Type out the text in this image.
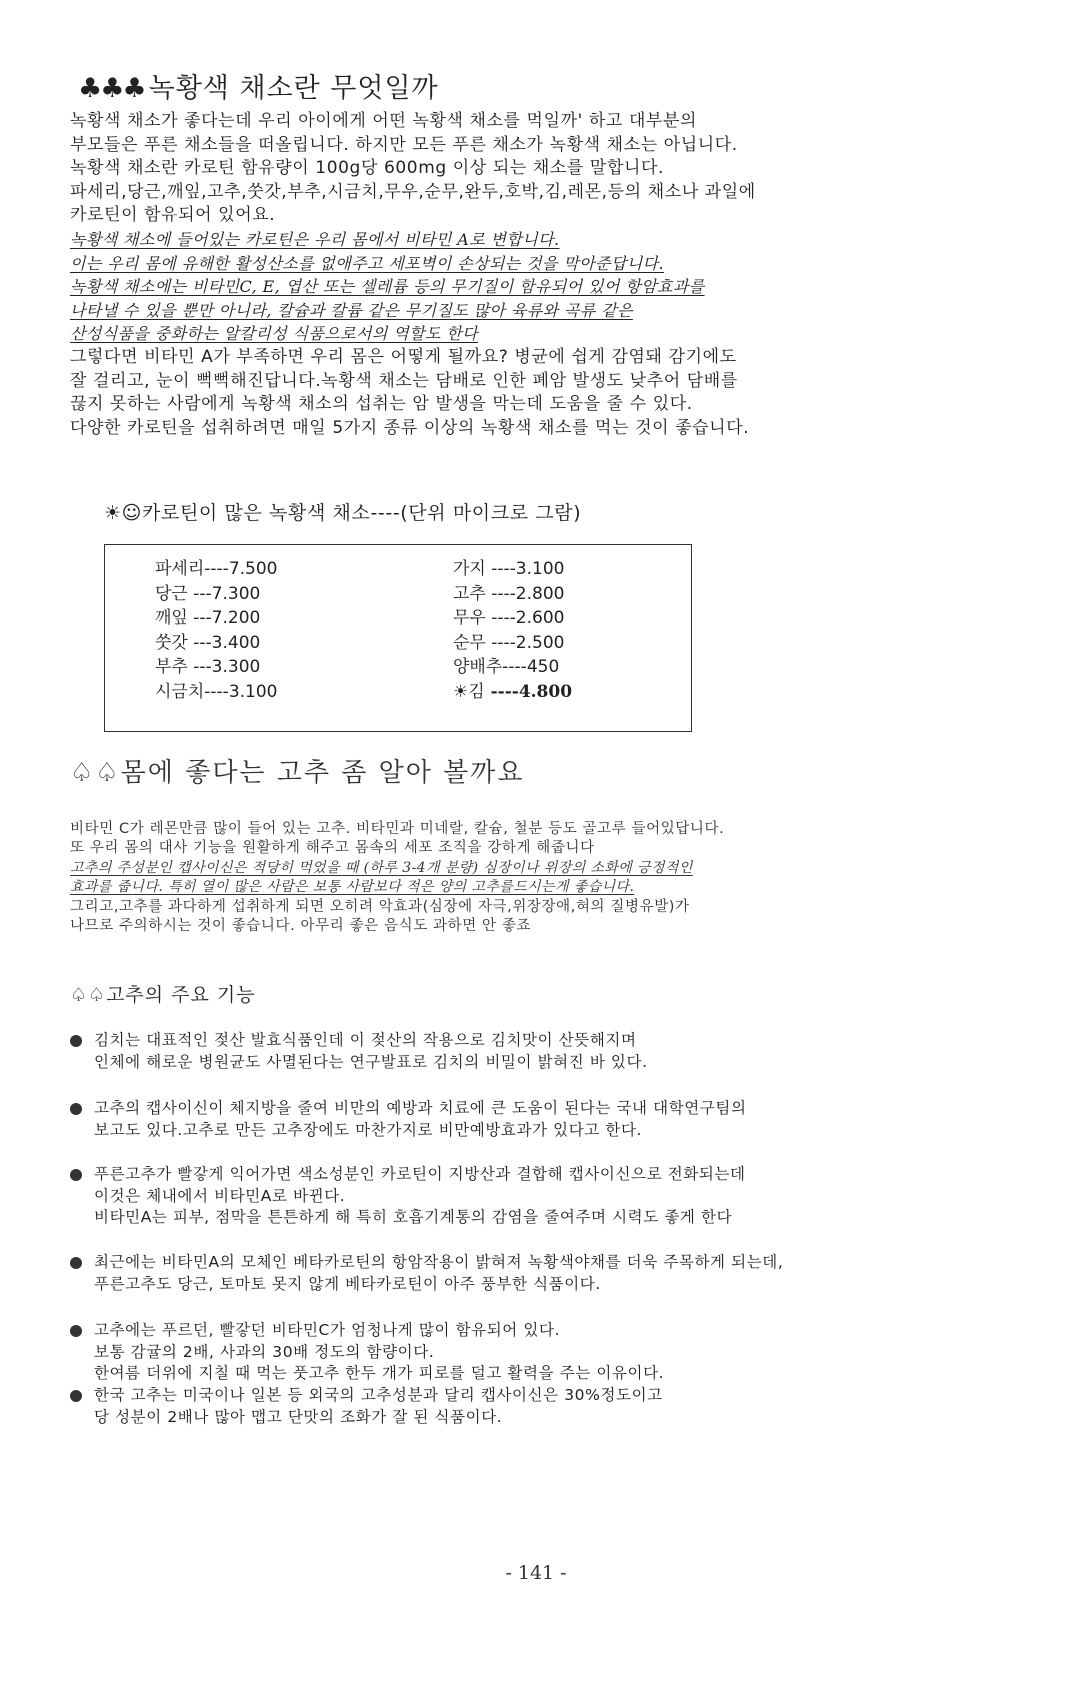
♣♣♣ 녹황색 채소란 무엇일까
녹황색 채소가 좋다는데 우리 아이에게 어떤 녹황색 채소를 먹일까' 하고 대부분의
부모들은 푸른 채소들을 떠올립니다. 하지만 모든 푸른 채소가 녹황색 채소는 아닙니다.
녹황색 채소란 카로틴 함유량이 100g당 600mg 이상 되는 채소를 말합니다.
파세리,당근,깨잎,고추,쑷갓,부추,시금치,무우,순무,완두,호박,김,레몬,등의 채소나 과일에
카로틴이 함유되어 있어요.
녹황색 채소에 들어있는 카로틴은 우리 몸에서 비타민 A로 변합니다.
이는 우리 몸에 유해한 활성산소를 없애주고 세포벽이 손상되는 것을 막아준답니다.
녹황색 채소에는 비타민C, E, 엽산 또는 셀레륨 등의 무기질이 함유되어 있어 항암효과를
나타낼 수 있을 뿐만 아니라, 칼슘과 칼륨 같은 무기질도 많아 육류와 곡류 같은
산성식품을 중화하는 알칼리성 식품으로서의 역할도 한다
그렇다면 비타민 A가 부족하면 우리 몸은 어떻게 될까요? 병균에 쉽게 감염돼 감기에도
잘 걸리고, 눈이 뻑뻑해진답니다.녹황색 채소는 담배로 인한 폐암 발생도 낮추어 담배를
끊지 못하는 사람에게 녹황색 채소의 섭취는 암 발생을 막는데 도움을 줄 수 있다.
다양한 카로틴을 섭취하려면 매일 5가지 종류 이상의 녹황색 채소를 먹는 것이 좋습니다.
☀☺카로틴이 많은 녹황색 채소----(단위 마이크로 그람)
파세리----7.500
당근 ---7.300
깨잎 ---7.200
쑷갓 ---3.400
부추 ---3.300
시금치----3.100
가지 ----3.100
고추 ----2.800
무우 ----2.600
순무 ----2.500
양배추----450
☀김 ----4.800
♤♤몸에 좋다는 고추 좀 알아 볼까요
비타민 C가 레몬만큼 많이 들어 있는 고추. 비타민과 미네랄, 칼슘, 철분 등도 골고루 들어있답니다.
또 우리 몸의 대사 기능을 원활하게 해주고 몸속의 세포 조직을 강하게 해줍니다
고추의 주성분인 캡사이신은 적당히 먹었을 때 (하루 3-4개 분량) 심장이나 위장의 소화에 긍정적인
효과를 줍니다. 특히 열이 많은 사람은 보통 사람보다 적은 양의 고추를드시는게 좋습니다.
그리고,고추를 과다하게 섭취하게 되면 오히려 악효과(심장에 자극,위장장애,혀의 질병유발)가
나므로 주의하시는 것이 좋습니다. 아무리 좋은 음식도 과하면 안 좋죠
♤♤고추의 주요 기능
김치는 대표적인 젖산 발효식품인데 이 젖산의 작용으로 김치맛이 산뜻해지며
인체에 해로운 병원균도 사멸된다는 연구발표로 김치의 비밀이 밝혀진 바 있다.
고추의 캡사이신이 체지방을 줄여 비만의 예방과 치료에 큰 도움이 된다는 국내 대학연구팀의
보고도 있다.고추로 만든 고추장에도 마찬가지로 비만예방효과가 있다고 한다.
푸른고추가 빨갛게 익어가면 색소성분인 카로틴이 지방산과 결합해 캡사이신으로 전화되는데
이것은 체내에서 비타민A로 바뀐다.
비타민A는 피부, 점막을 튼튼하게 해 특히 호흡기계통의 감염을 줄여주며 시력도 좋게 한다
최근에는 비타민A의 모체인 베타카로틴의 항암작용이 밝혀져 녹황색야채를 더욱 주목하게 되는데,
푸른고추도 당근, 토마토 못지 않게 베타카로틴이 아주 풍부한 식품이다.
고추에는 푸르던, 빨갛던 비타민C가 엄청나게 많이 함유되어 있다.
보통 감귤의 2배, 사과의 30배 정도의 함량이다.
한여름 더위에 지칠 때 먹는 풋고추 한두 개가 피로를 덜고 활력을 주는 이유이다.
한국 고추는 미국이나 일본 등 외국의 고추성분과 달리 캡사이신은 30%정도이고
당 성분이 2배나 많아 맵고 단맛의 조화가 잘 된 식품이다.
- 141 -
